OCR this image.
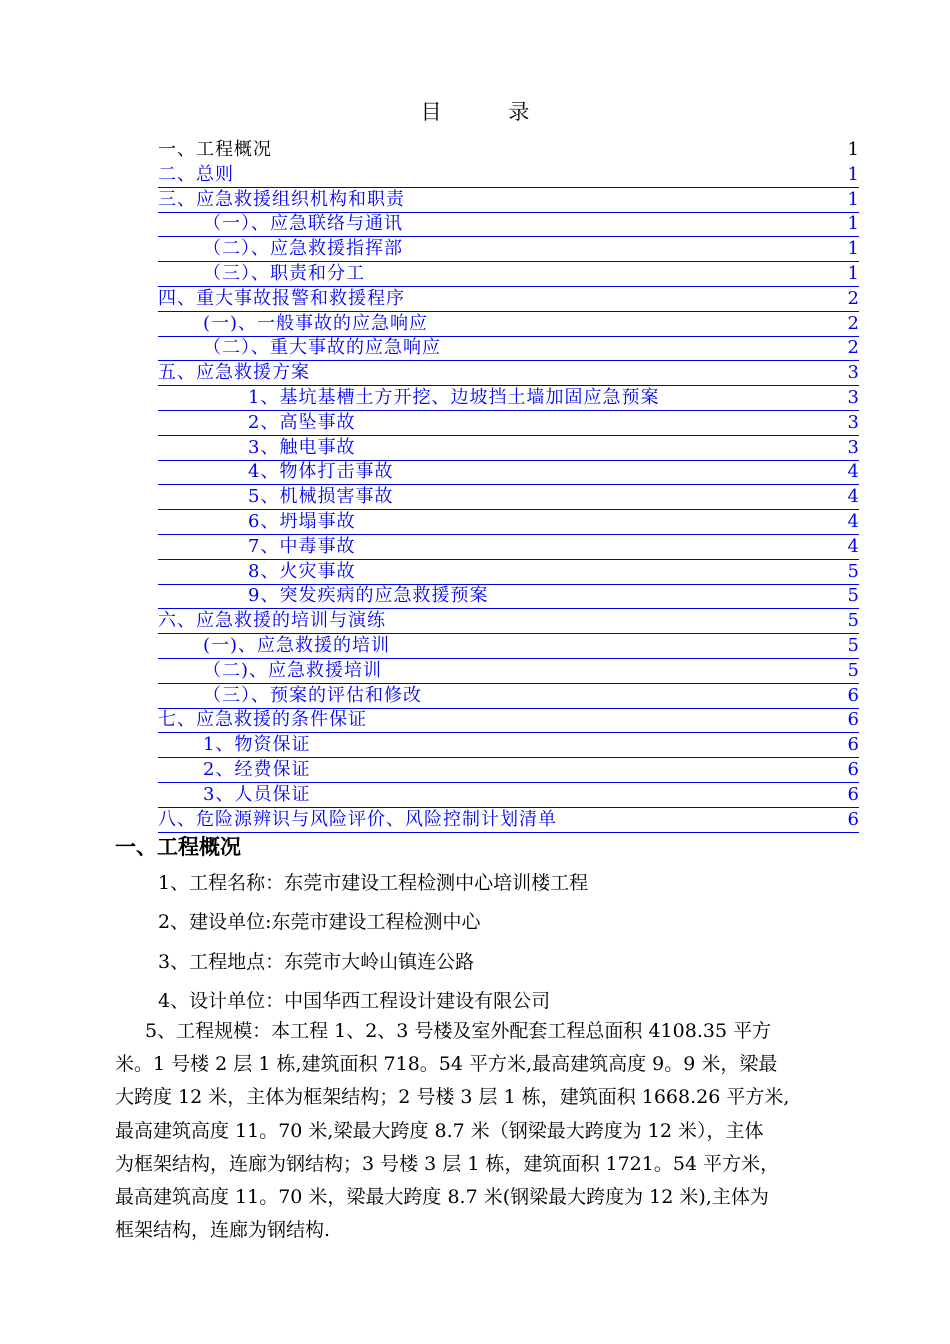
目 录
一、工程概况	1
二、总则	1
三、应急救援组织机构和职责	1
（一）、应急联络与通讯	1
（二）、应急救援指挥部	1
（三）、职责和分工	1
四、重大事故报警和救援程序	2
(一)、一般事故的应急响应	2
（二）、重大事故的应急响应	2
五、应急救援方案	3
1、基坑基槽土方开挖、边坡挡土墙加固应急预案	3
2、高坠事故	3
3、触电事故	3
4、物体打击事故	4
5、机械损害事故	4
6、坍塌事故	4
7、中毒事故	4
8、火灾事故	5
9、突发疾病的应急救援预案	5
六、应急救援的培训与演练	5
(一)、应急救援的培训	5
（二)、应急救援培训	5
（三）、预案的评估和修改	6
七、应急救援的条件保证	6
1、物资保证	6
2、经费保证	6
3、人员保证	6
八、危险源辨识与风险评价、风险控制计划清单	6
一、工程概况
1、工程名称：东莞市建设工程检测中心培训楼工程
2、建设单位:东莞市建设工程检测中心
3、工程地点：东莞市大岭山镇连公路
4、设计单位：中国华西工程设计建设有限公司
5、工程规模：本工程 1、2、3 号楼及室外配套工程总面积 4108.35 平方
米。1 号楼 2 层 1 栋,建筑面积 718。54 平方米,最高建筑高度 9。9 米，梁最
大跨度 12 米，主体为框架结构；2 号楼 3 层 1 栋，建筑面积 1668.26 平方米,
最高建筑高度 11。70 米,梁最大跨度 8.7 米（钢梁最大跨度为 12 米），主体
为框架结构，连廊为钢结构；3 号楼 3 层 1 栋，建筑面积 1721。54 平方米，
最高建筑高度 11。70 米，梁最大跨度 8.7 米(钢梁最大跨度为 12 米),主体为
框架结构，连廊为钢结构.
